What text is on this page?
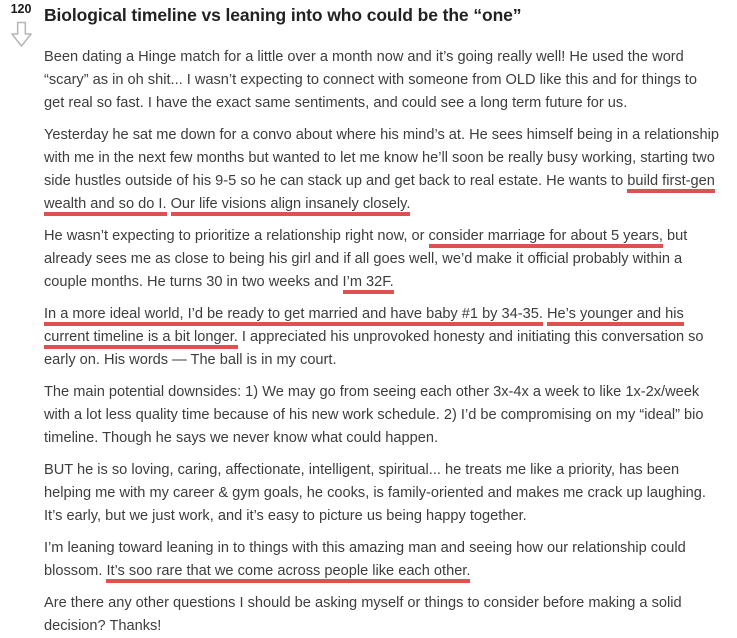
120 Biological timeline vs leaning into who could be the “one”

Been dating a Hinge match for a little over a month now and it’s going really well! He used the word “scary” as in oh shit... I wasn’t expecting to connect with someone from OLD like this and for things to get real so fast. I have the exact same sentiments, and could see a long term future for us.

Yesterday he sat me down for a convo about where his mind’s at. He sees himself being in a relationship with me in the next few months but wanted to let me know he’ll soon be really busy working, starting two side hustles outside of his 9-5 so he can stack up and get back to real estate. He wants to build first-gen wealth and so do I. Our life visions align insanely closely.

He wasn’t expecting to prioritize a relationship right now, or consider marriage for about 5 years, but already sees me as close to being his girl and if all goes well, we’d make it official probably within a couple months. He turns 30 in two weeks and I’m 32F.

In a more ideal world, I’d be ready to get married and have baby #1 by 34-35. He’s younger and his current timeline is a bit longer. I appreciated his unprovoked honesty and initiating this conversation so early on. His words — The ball is in my court.

The main potential downsides: 1) We may go from seeing each other 3x-4x a week to like 1x-2x/week with a lot less quality time because of his new work schedule. 2) I’d be compromising on my “ideal” bio timeline. Though he says we never know what could happen.

BUT he is so loving, caring, affectionate, intelligent, spiritual... he treats me like a priority, has been helping me with my career & gym goals, he cooks, is family-oriented and makes me crack up laughing. It’s early, but we just work, and it’s easy to picture us being happy together.

I’m leaning toward leaning in to things with this amazing man and seeing how our relationship could blossom. It’s soo rare that we come across people like each other.

Are there any other questions I should be asking myself or things to consider before making a solid decision? Thanks!
